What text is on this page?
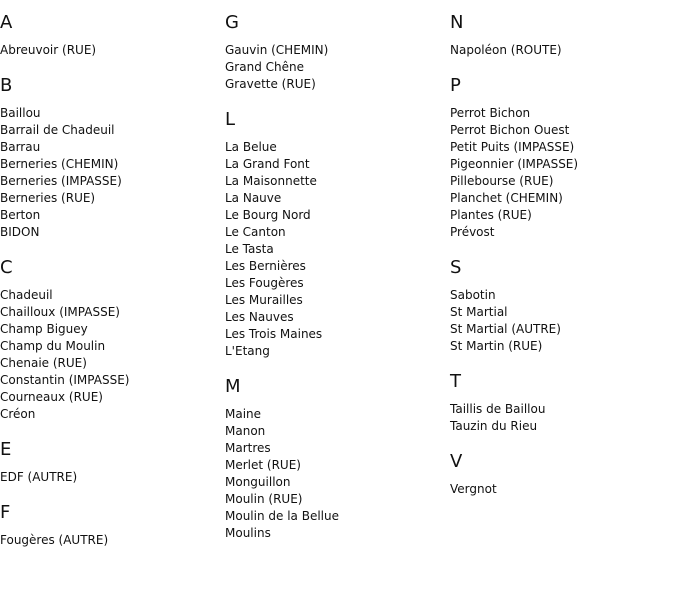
A
Abreuvoir (RUE)
B
Baillou
Barrail de Chadeuil
Barrau
Berneries (CHEMIN)
Berneries (IMPASSE)
Berneries (RUE)
Berton
BIDON
C
Chadeuil
Chailloux (IMPASSE)
Champ Biguey
Champ du Moulin
Chenaie (RUE)
Constantin (IMPASSE)
Courneaux (RUE)
Créon
E
EDF (AUTRE)
F
Fougères (AUTRE)
G
Gauvin (CHEMIN)
Grand Chêne
Gravette (RUE)
L
La Belue
La Grand Font
La Maisonnette
La Nauve
Le Bourg Nord
Le Canton
Le Tasta
Les Bernières
Les Fougères
Les Murailles
Les Nauves
Les Trois Maines
L'Etang
M
Maine
Manon
Martres
Merlet (RUE)
Monguillon
Moulin (RUE)
Moulin de la Bellue
Moulins
N
Napoléon (ROUTE)
P
Perrot Bichon
Perrot Bichon Ouest
Petit Puits (IMPASSE)
Pigeonnier (IMPASSE)
Pillebourse (RUE)
Planchet (CHEMIN)
Plantes (RUE)
Prévost
S
Sabotin
St Martial
St Martial (AUTRE)
St Martin (RUE)
T
Taillis de Baillou
Tauzin du Rieu
V
Vergnot
